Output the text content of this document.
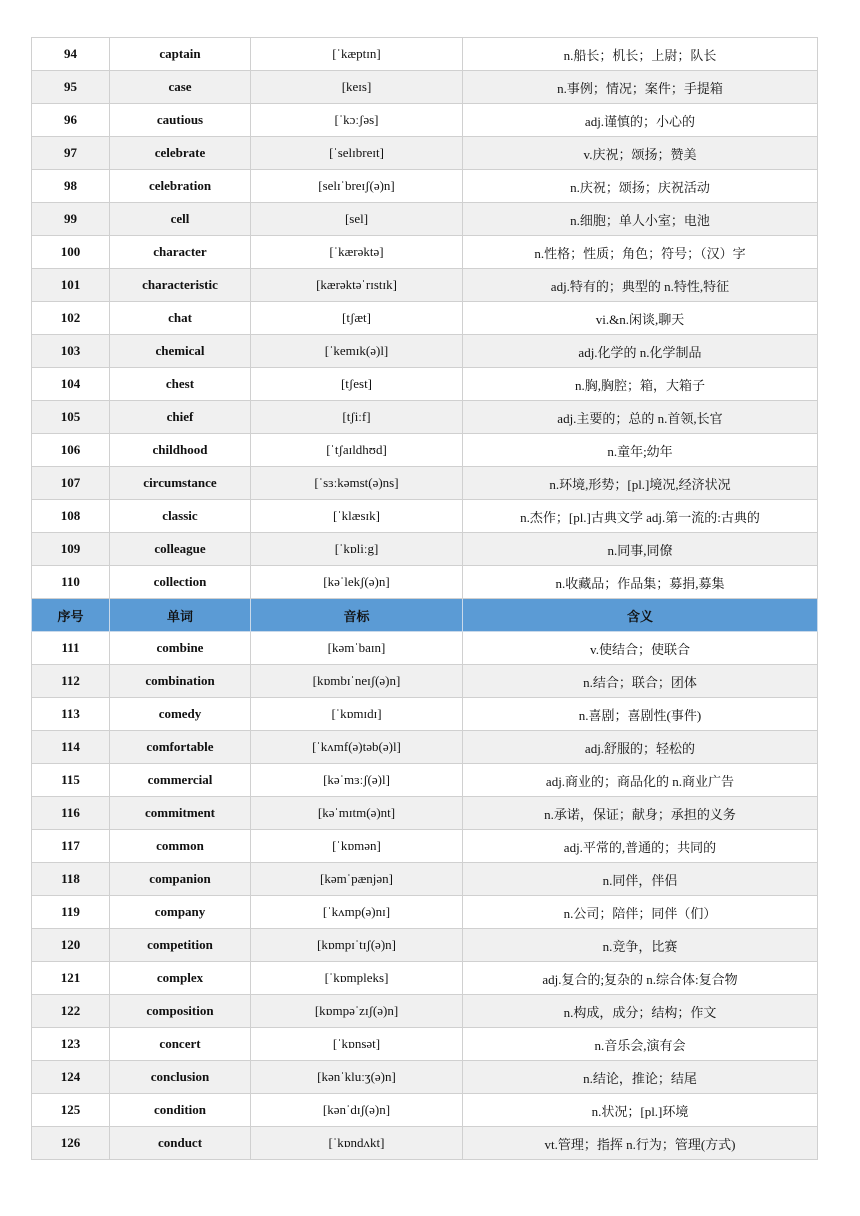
94	captain	[ˈkæptɪn]	n.船长；机长；上尉；队长
95	case	[keɪs]	n.事例；情况；案件；手提箱
96	cautious	[ˈkɔːʃəs]	adj.谨慎的；小心的
97	celebrate	[ˈselɪbreɪt]	v.庆祝；颂扬；赞美
98	celebration	[selɪˈbreɪʃ(ə)n]	n.庆祝；颂扬；庆祝活动
99	cell	[sel]	n.细胞；单人小室；电池
100	character	[ˈkærəktə]	n.性格；性质；角色；符号；（汉）字
101	characteristic	[kærəktəˈrɪstɪk]	adj.特有的；典型的 n.特性,特征
102	chat	[tʃæt]	vi.&n.闲谈,聊天
103	chemical	[ˈkemɪk(ə)l]	adj.化学的 n.化学制品
104	chest	[tʃest]	n.胸,胸腔；箱，大箱子
105	chief	[tʃiːf]	adj.主要的；总的 n.首领,长官
106	childhood	[ˈtʃaɪldhʊd]	n.童年;幼年
107	circumstance	[ˈsɜːkəmst(ə)ns]	n.环境,形势；[pl.]境况,经济状况
108	classic	[ˈklæsɪk]	n.杰作；[pl.]古典文学 adj.第一流的:古典的
109	colleague	[ˈkɒliːg]	n.同事,同僚
110	collection	[kəˈlekʃ(ə)n]	n.收藏品；作品集；募捐,募集
序号	单词	音标	含义
111	combine	[kəmˈbaɪn]	v.使结合；使联合
112	combination	[kɒmbɪˈneɪʃ(ə)n]	n.结合；联合；团体
113	comedy	[ˈkɒmɪdɪ]	n.喜剧；喜剧性(事件)
114	comfortable	[ˈkʌmf(ə)təb(ə)l]	adj.舒服的；轻松的
115	commercial	[kəˈmɜːʃ(ə)l]	adj.商业的；商品化的 n.商业广告
116	commitment	[kəˈmɪtm(ə)nt]	n.承诺，保证；献身；承担的义务
117	common	[ˈkɒmən]	adj.平常的,普通的；共同的
118	companion	[kəmˈpænjən]	n.同伴，伴侣
119	company	[ˈkʌmp(ə)nɪ]	n.公司；陪伴；同伴（们）
120	competition	[kɒmpɪˈtɪʃ(ə)n]	n.竞争，比赛
121	complex	[ˈkɒmpleks]	adj.复合的;复杂的 n.综合体:复合物
122	composition	[kɒmpəˈzɪʃ(ə)n]	n.构成，成分；结构；作文
123	concert	[ˈkɒnsət]	n.音乐会,演有会
124	conclusion	[kənˈkluːʒ(ə)n]	n.结论，推论；结尾
125	condition	[kənˈdɪʃ(ə)n]	n.状况；[pl.]环境
126	conduct	[ˈkɒndʌkt]	vt.管理；指挥 n.行为；管理(方式)
